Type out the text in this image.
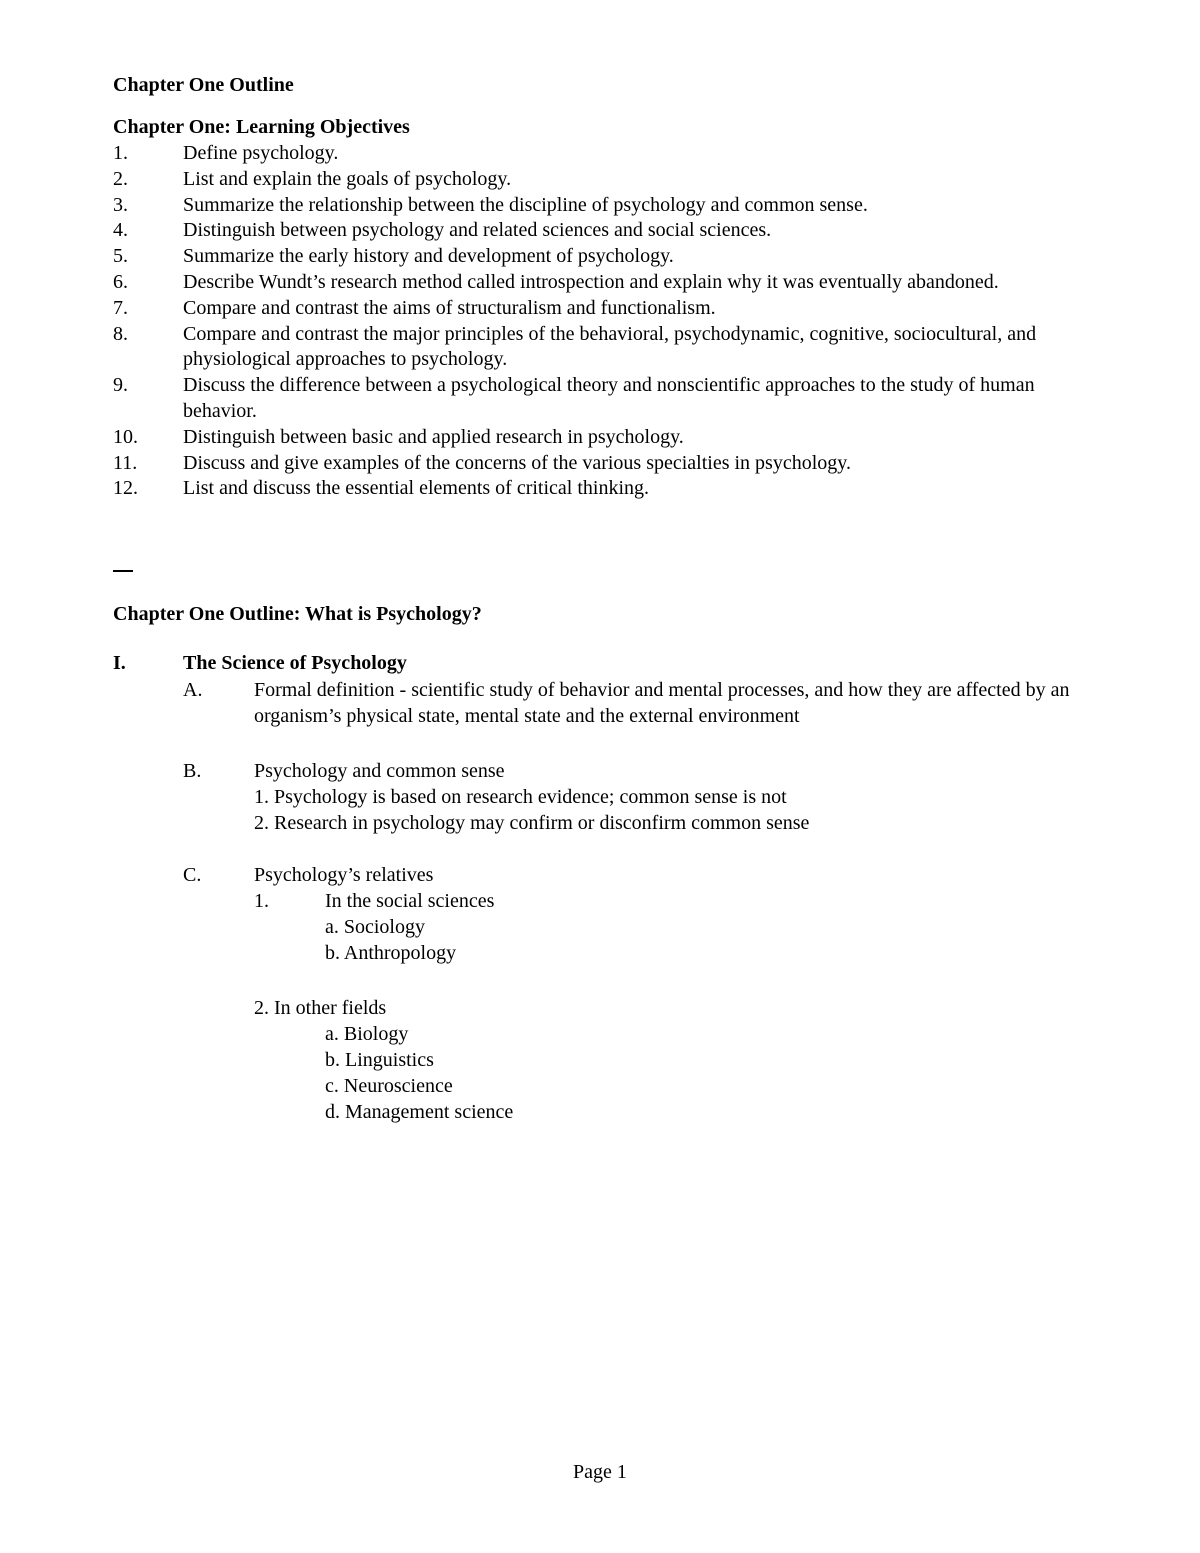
Chapter One Outline
Chapter One: Learning Objectives
1.	Define psychology.
2.	List and explain the goals of psychology.
3.	Summarize the relationship between the discipline of psychology and common sense.
4.	Distinguish between psychology and related sciences and social sciences.
5.	Summarize the early history and development of psychology.
6.	Describe Wundt’s research method called introspection and explain why it was eventually abandoned.
7.	Compare and contrast the aims of structuralism and functionalism.
8.	Compare and contrast the major principles of the behavioral, psychodynamic, cognitive, sociocultural, and physiological approaches to psychology.
9.	Discuss the difference between a psychological theory and nonscientific approaches to the study of human behavior.
10.	Distinguish between basic and applied research in psychology.
11.	Discuss and give examples of the concerns of the various specialties in psychology.
12.	List and discuss the essential elements of critical thinking.
Chapter One Outline: What is Psychology?
I.	The Science of Psychology
A.	Formal definition - scientific study of behavior and mental processes, and how they are affected by an organism’s physical state, mental state and the external environment
B.	Psychology and common sense
1. Psychology is based on research evidence; common sense is not
2. Research in psychology may confirm or disconfirm common sense
C.	Psychology’s relatives
1.	In the social sciences
a. Sociology
b. Anthropology
2. In other fields
a. Biology
b. Linguistics
c. Neuroscience
d. Management science
Page 1
